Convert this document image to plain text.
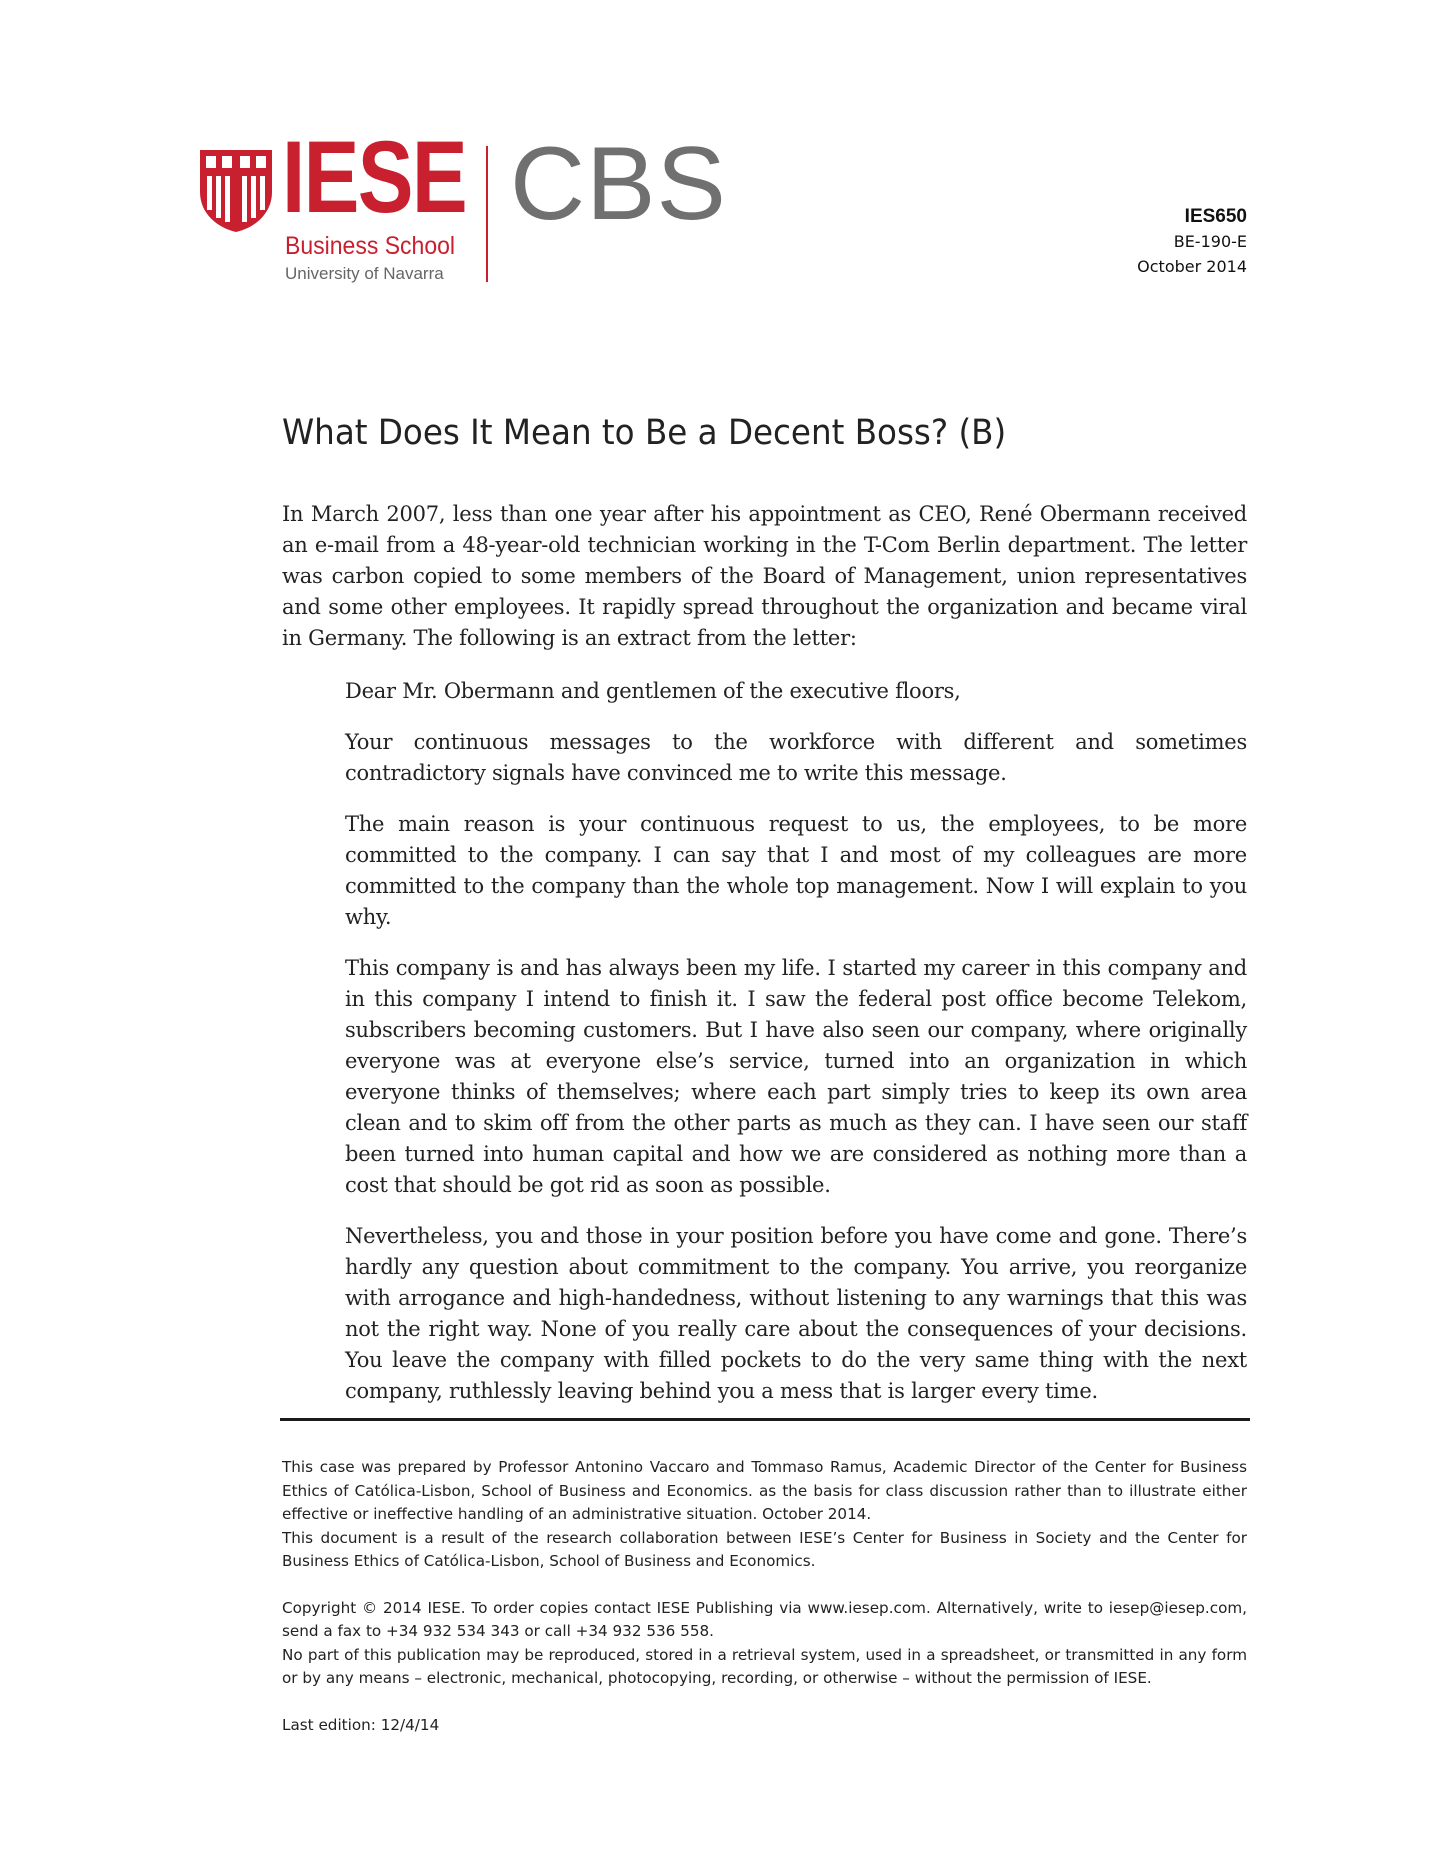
IESE
Business School
University of Navarra
CBS	IES650
BE-190-E
October 2014
What Does It Mean to Be a Decent Boss? (B)

In March 2007, less than one year after his appointment as CEO, René Obermann received an e-mail from a 48-year-old technician working in the T-Com Berlin department. The letter was carbon copied to some members of the Board of Management, union representatives and some other employees. It rapidly spread throughout the organization and became viral in Germany. The following is an extract from the letter:

Dear Mr. Obermann and gentlemen of the executive floors,

Your continuous messages to the workforce with different and sometimes contradictory signals have convinced me to write this message.

The main reason is your continuous request to us, the employees, to be more committed to the company. I can say that I and most of my colleagues are more committed to the company than the whole top management. Now I will explain to you why.

This company is and has always been my life. I started my career in this company and in this company I intend to finish it. I saw the federal post office become Telekom, subscribers becoming customers. But I have also seen our company, where originally everyone was at everyone else’s service, turned into an organization in which everyone thinks of themselves; where each part simply tries to keep its own area clean and to skim off from the other parts as much as they can. I have seen our staff been turned into human capital and how we are considered as nothing more than a cost that should be got rid as soon as possible.

Nevertheless, you and those in your position before you have come and gone. There’s hardly any question about commitment to the company. You arrive, you reorganize with arrogance and high-handedness, without listening to any warnings that this was not the right way. None of you really care about the consequences of your decisions. You leave the company with filled pockets to do the very same thing with the next company, ruthlessly leaving behind you a mess that is larger every time.

This case was prepared by Professor Antonino Vaccaro and Tommaso Ramus, Academic Director of the Center for Business Ethics of Católica-Lisbon, School of Business and Economics. as the basis for class discussion rather than to illustrate either effective or ineffective handling of an administrative situation. October 2014.

This document is a result of the research collaboration between IESE’s Center for Business in Society and the Center for Business Ethics of Católica-Lisbon, School of Business and Economics.

Copyright © 2014 IESE. To order copies contact IESE Publishing via www.iesep.com. Alternatively, write to iesep@iesep.com, send a fax to +34 932 534 343 or call +34 932 536 558.

No part of this publication may be reproduced, stored in a retrieval system, used in a spreadsheet, or transmitted in any form or by any means – electronic, mechanical, photocopying, recording, or otherwise – without the permission of IESE.

Last edition: 12/4/14
